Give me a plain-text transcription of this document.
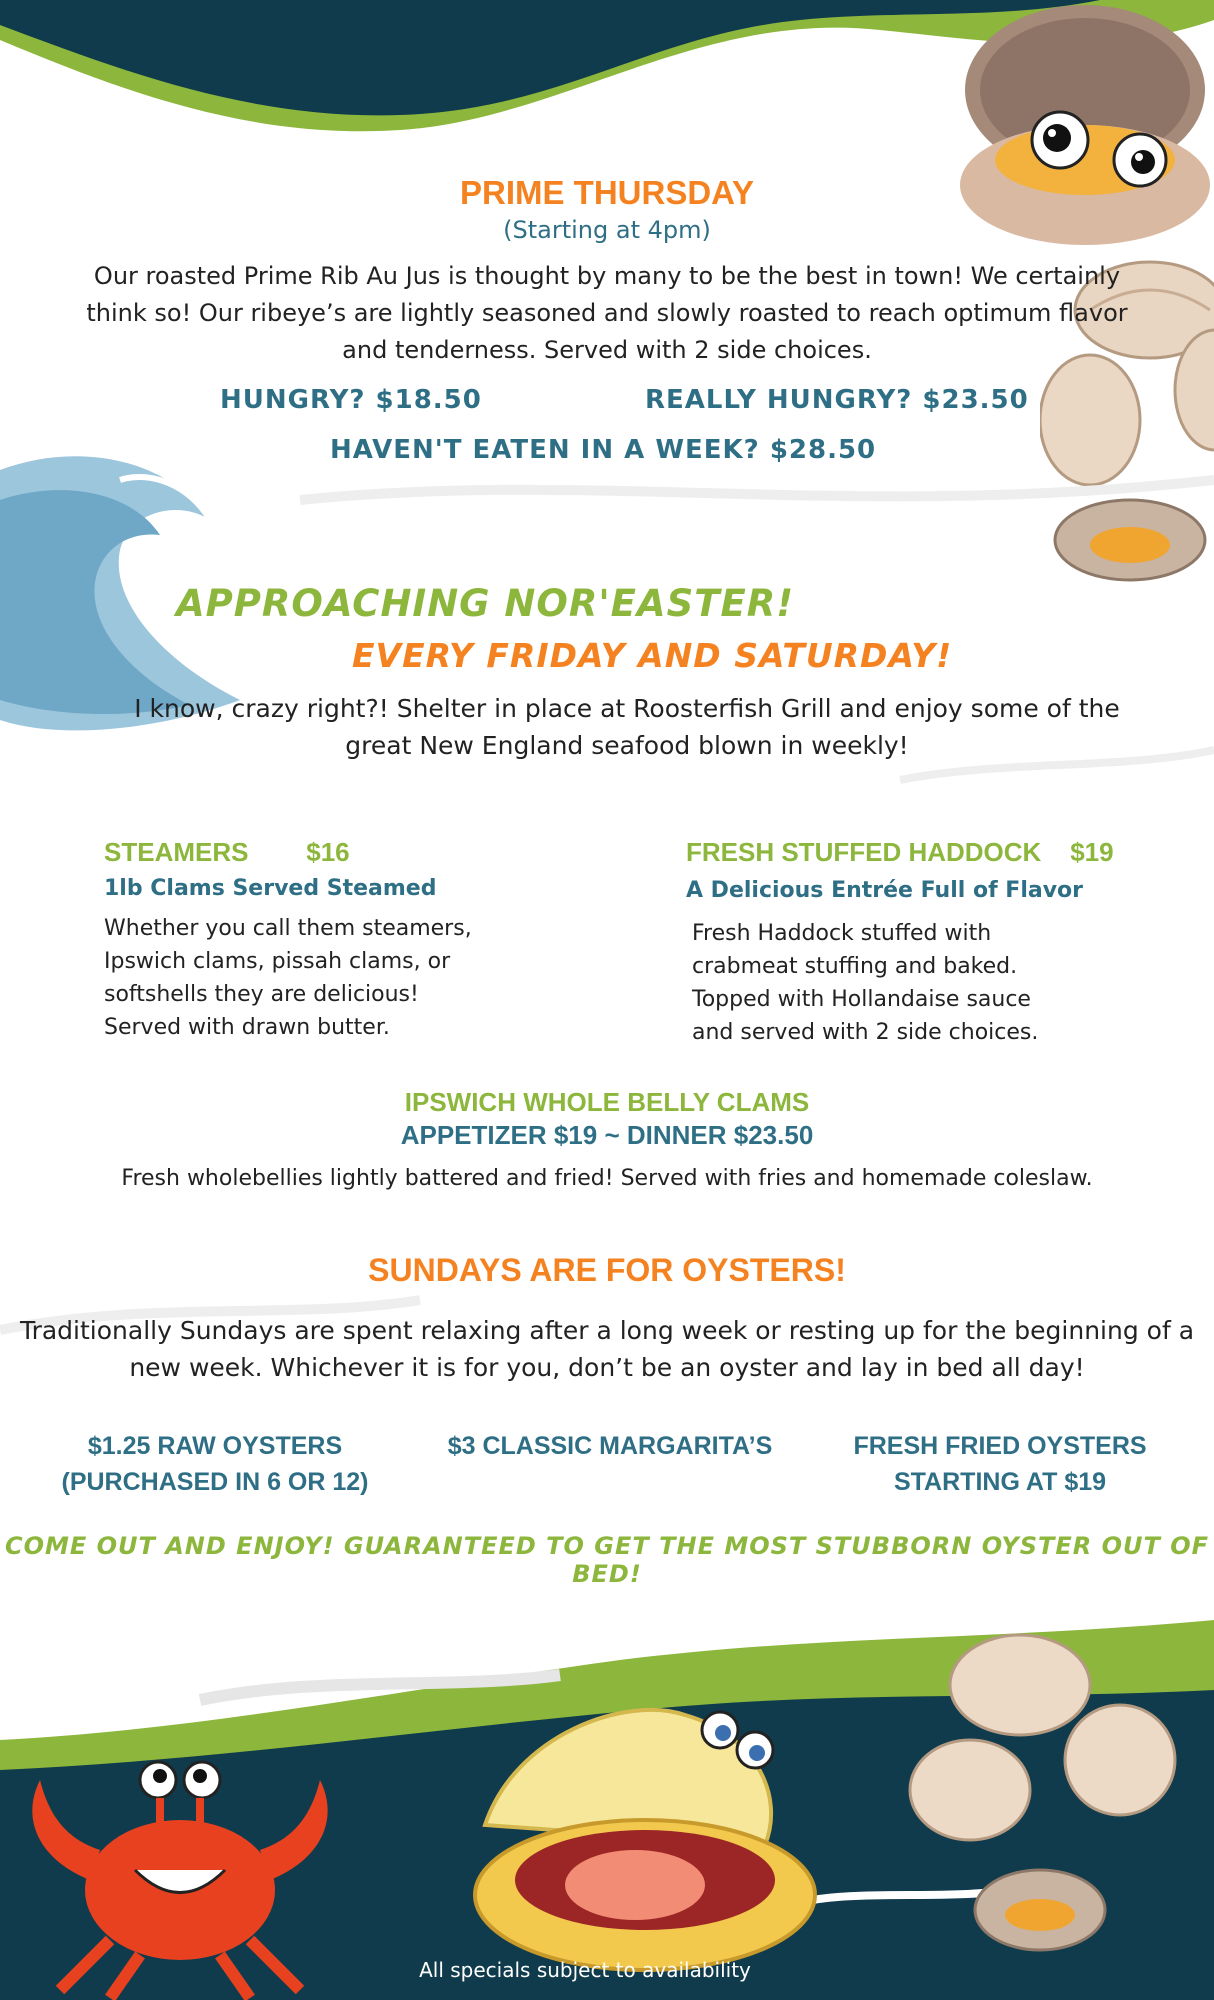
PRIME THURSDAY
(Starting at 4pm)
Our roasted Prime Rib Au Jus is thought by many to be the best in town! We certainly think so! Our ribeye’s are lightly seasoned and slowly roasted to reach optimum flavor and tenderness. Served with 2 side choices.
HUNGRY? $18.50	REALLY HUNGRY? $23.50
HAVEN'T EATEN IN A WEEK? $28.50
APPROACHING NOR'EASTER!
EVERY FRIDAY AND SATURDAY!
I know, crazy right?! Shelter in place at Roosterfish Grill and enjoy some of the great New England seafood blown in weekly!
STEAMERS        $16
1lb Clams Served Steamed
Whether you call them steamers, Ipswich clams, pissah clams, or softshells they are delicious! Served with drawn butter.
FRESH STUFFED HADDOCK    $19
A Delicious Entrée Full of Flavor
Fresh Haddock stuffed with crabmeat stuffing and baked. Topped with Hollandaise sauce and served with 2 side choices.
IPSWICH WHOLE BELLY CLAMS
APPETIZER $19 ~ DINNER $23.50
Fresh wholebellies lightly battered and fried! Served with fries and homemade coleslaw.
SUNDAYS ARE FOR OYSTERS!
Traditionally Sundays are spent relaxing after a long week or resting up for the beginning of a new week. Whichever it is for you, don’t be an oyster and lay in bed all day!
$1.25 RAW OYSTERS
(PURCHASED IN 6 OR 12)
$3 CLASSIC MARGARITA’S	FRESH FRIED OYSTERS
STARTING AT $19
COME OUT AND ENJOY! GUARANTEED TO GET THE MOST STUBBORN OYSTER OUT OF BED!
All specials subject to availability
